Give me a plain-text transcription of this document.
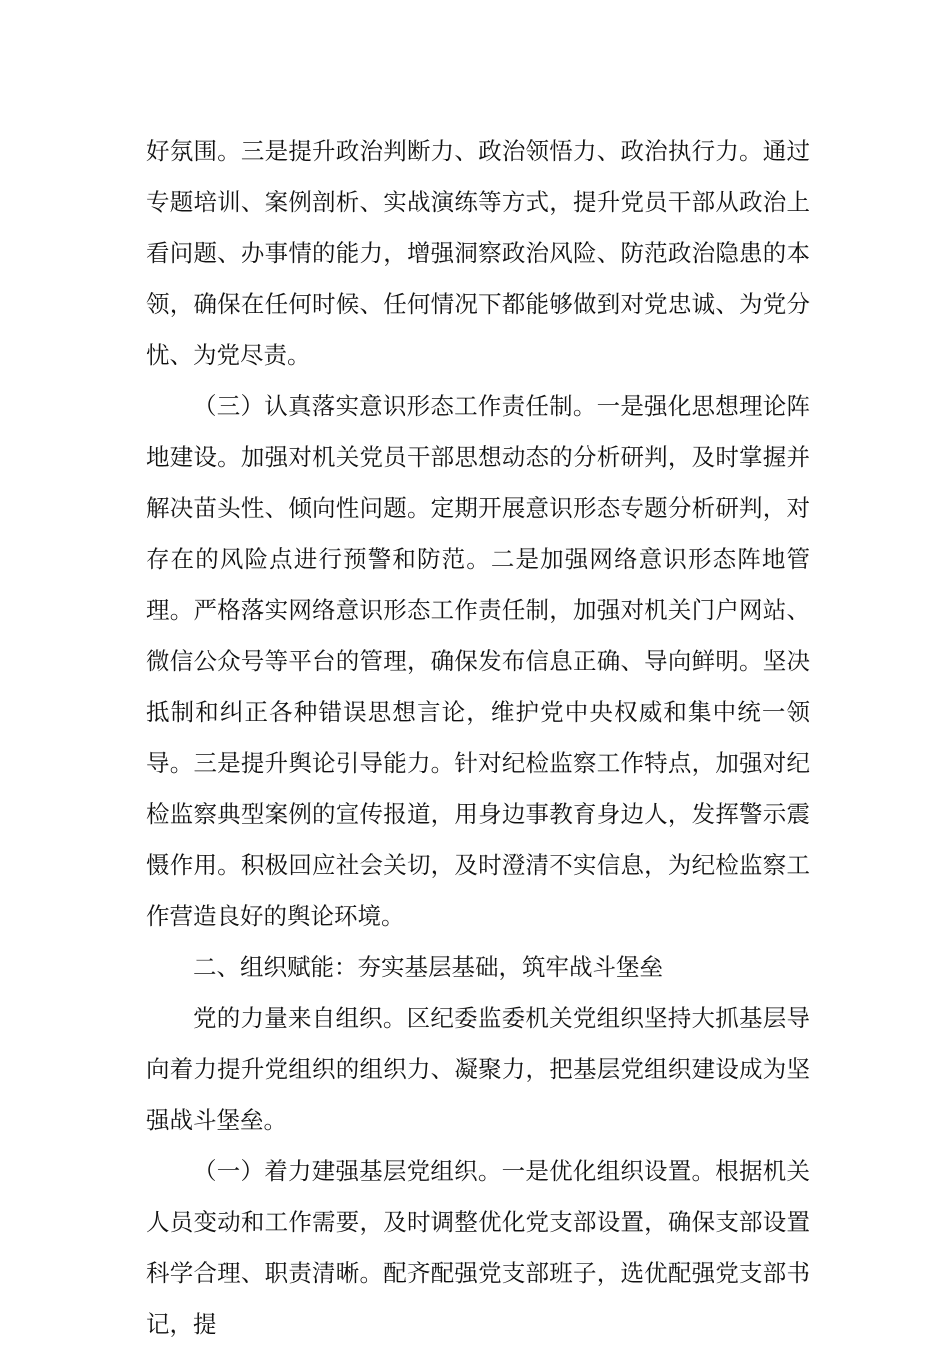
好氛围。三是提升政治判断力、政治领悟力、政治执行力。通过专题培训、案例剖析、实战演练等方式，提升党员干部从政治上看问题、办事情的能力，增强洞察政治风险、防范政治隐患的本领，确保在任何时候、任何情况下都能够做到对党忠诚、为党分忧、为党尽责。

（三）认真落实意识形态工作责任制。一是强化思想理论阵地建设。加强对机关党员干部思想动态的分析研判，及时掌握并解决苗头性、倾向性问题。定期开展意识形态专题分析研判，对存在的风险点进行预警和防范。二是加强网络意识形态阵地管理。严格落实网络意识形态工作责任制，加强对机关门户网站、微信公众号等平台的管理，确保发布信息正确、导向鲜明。坚决抵制和纠正各种错误思想言论，维护党中央权威和集中统一领导。三是提升舆论引导能力。针对纪检监察工作特点，加强对纪检监察典型案例的宣传报道，用身边事教育身边人，发挥警示震慑作用。积极回应社会关切，及时澄清不实信息，为纪检监察工作营造良好的舆论环境。

二、组织赋能：夯实基层基础，筑牢战斗堡垒

党的力量来自组织。区纪委监委机关党组织坚持大抓基层导向着力提升党组织的组织力、凝聚力，把基层党组织建设成为坚强战斗堡垒。

（一）着力建强基层党组织。一是优化组织设置。根据机关人员变动和工作需要，及时调整优化党支部设置，确保支部设置科学合理、职责清晰。配齐配强党支部班子，选优配强党支部书记，提
